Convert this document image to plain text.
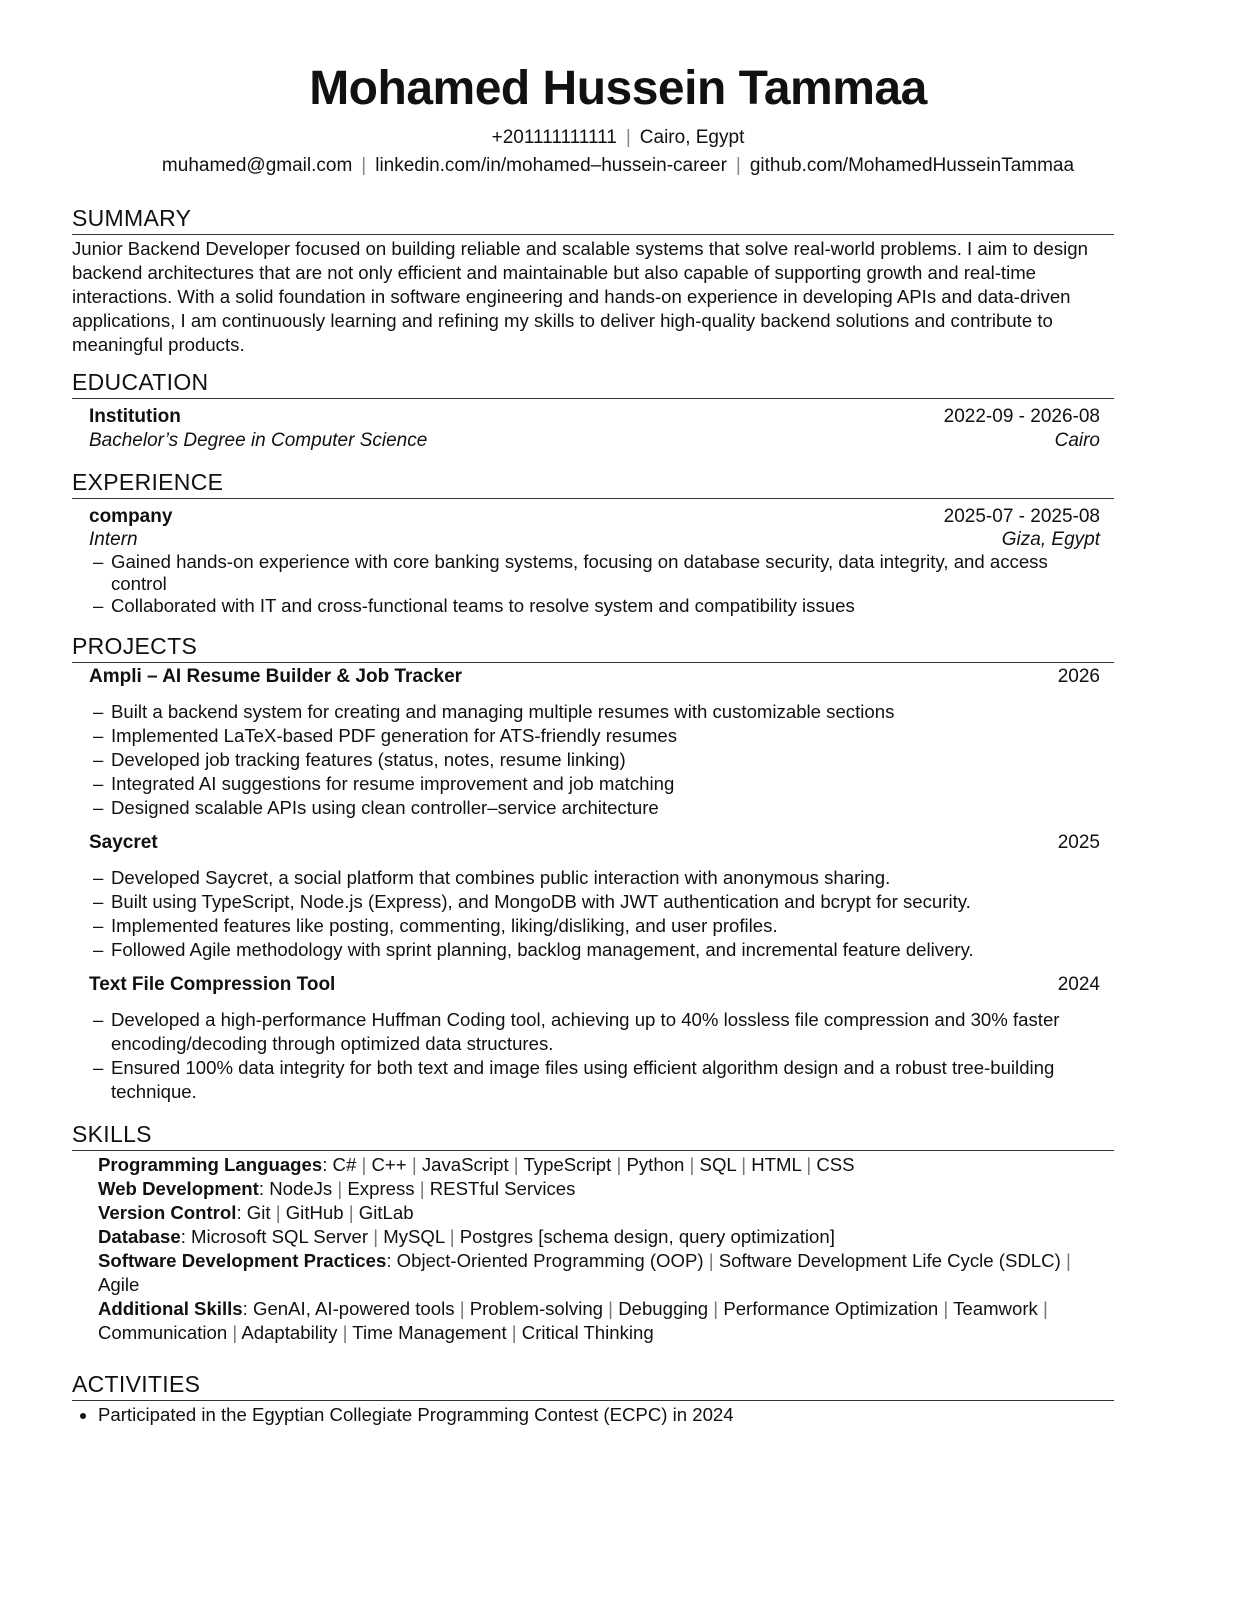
Mohamed Hussein Tammaa
+201111111111 | Cairo, Egypt
muhamed@gmail.com | linkedin.com/in/mohamed–hussein-career | github.com/MohamedHusseinTammaa
SUMMARY
Junior Backend Developer focused on building reliable and scalable systems that solve real-world problems. I aim to design backend architectures that are not only efficient and maintainable but also capable of supporting growth and real-time interactions. With a solid foundation in software engineering and hands-on experience in developing APIs and data-driven applications, I am continuously learning and refining my skills to deliver high-quality backend solutions and contribute to meaningful products.
EDUCATION
Institution	2022-09 - 2026-08
Bachelor’s Degree in Computer Science	Cairo
EXPERIENCE
company	2025-07 - 2025-08
Intern	Giza, Egypt
– Gained hands-on experience with core banking systems, focusing on database security, data integrity, and access control
– Collaborated with IT and cross-functional teams to resolve system and compatibility issues
PROJECTS
Ampli – AI Resume Builder & Job Tracker	2026
– Built a backend system for creating and managing multiple resumes with customizable sections
– Implemented LaTeX-based PDF generation for ATS-friendly resumes
– Developed job tracking features (status, notes, resume linking)
– Integrated AI suggestions for resume improvement and job matching
– Designed scalable APIs using clean controller–service architecture
Saycret	2025
– Developed Saycret, a social platform that combines public interaction with anonymous sharing.
– Built using TypeScript, Node.js (Express), and MongoDB with JWT authentication and bcrypt for security.
– Implemented features like posting, commenting, liking/disliking, and user profiles.
– Followed Agile methodology with sprint planning, backlog management, and incremental feature delivery.
Text File Compression Tool	2024
– Developed a high-performance Huffman Coding tool, achieving up to 40% lossless file compression and 30% faster encoding/decoding through optimized data structures.
– Ensured 100% data integrity for both text and image files using efficient algorithm design and a robust tree-building technique.
SKILLS
Programming Languages: C# | C++ | JavaScript | TypeScript | Python | SQL | HTML | CSS
Web Development: NodeJs | Express | RESTful Services
Version Control: Git | GitHub | GitLab
Database: Microsoft SQL Server | MySQL | Postgres [schema design, query optimization]
Software Development Practices: Object-Oriented Programming (OOP) | Software Development Life Cycle (SDLC) | Agile
Additional Skills: GenAI, AI-powered tools | Problem-solving | Debugging | Performance Optimization | Teamwork | Communication | Adaptability | Time Management | Critical Thinking
ACTIVITIES
Participated in the Egyptian Collegiate Programming Contest (ECPC) in 2024
